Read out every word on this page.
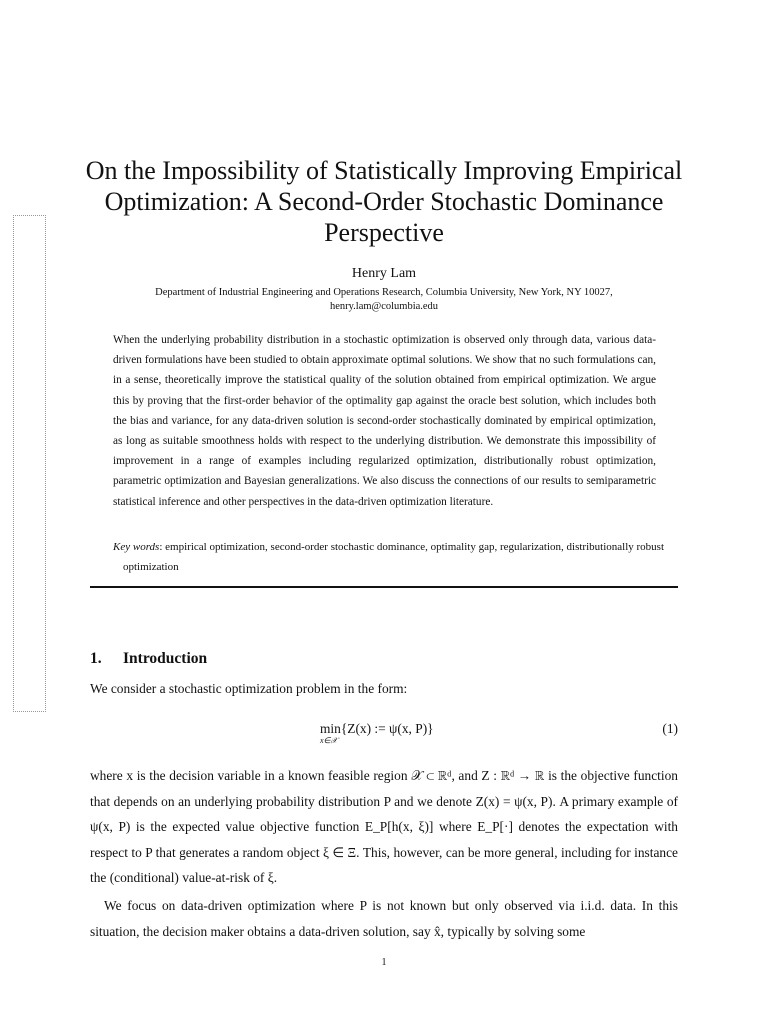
On the Impossibility of Statistically Improving Empirical Optimization: A Second-Order Stochastic Dominance Perspective
Henry Lam
Department of Industrial Engineering and Operations Research, Columbia University, New York, NY 10027,
henry.lam@columbia.edu
When the underlying probability distribution in a stochastic optimization is observed only through data, various data-driven formulations have been studied to obtain approximate optimal solutions. We show that no such formulations can, in a sense, theoretically improve the statistical quality of the solution obtained from empirical optimization. We argue this by proving that the first-order behavior of the optimality gap against the oracle best solution, which includes both the bias and variance, for any data-driven solution is second-order stochastically dominated by empirical optimization, as long as suitable smoothness holds with respect to the underlying distribution. We demonstrate this impossibility of improvement in a range of examples including regularized optimization, distributionally robust optimization, parametric optimization and Bayesian generalizations. We also discuss the connections of our results to semiparametric statistical inference and other perspectives in the data-driven optimization literature.
Key words: empirical optimization, second-order stochastic dominance, optimality gap, regularization, distributionally robust optimization
1. Introduction
We consider a stochastic optimization problem in the form:
min{Z(x) := ψ(x, P)}
x∈𝒳
(1)
where x is the decision variable in a known feasible region 𝒳 ⊂ ℝᵈ, and Z : ℝᵈ → ℝ is the objective function that depends on an underlying probability distribution P and we denote Z(x) = ψ(x, P). A primary example of ψ(x, P) is the expected value objective function E_P[h(x, ξ)] where E_P[·] denotes the expectation with respect to P that generates a random object ξ ∈ Ξ. This, however, can be more general, including for instance the (conditional) value-at-risk of ξ.
We focus on data-driven optimization where P is not known but only observed via i.i.d. data. In this situation, the decision maker obtains a data-driven solution, say x̂, typically by solving some
1
